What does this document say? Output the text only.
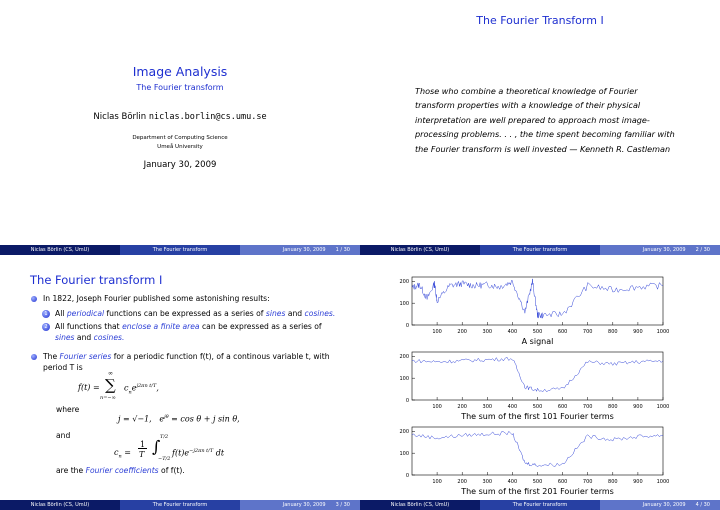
Image Analysis
The Fourier transform
Niclas Börlin niclas.borlin@cs.umu.se
Department of Computing Science
Umeå University
January 30, 2009
Niclas Börlin (CS, UmU)	The Fourier transform	January 30, 2009 1 / 30	Niclas Börlin (CS, UmU)	The Fourier transform	January 30, 2009 2 / 30
The Fourier Transform I
Those who combine a theoretical knowledge of Fourier transform properties with a knowledge of their physical interpretation are well prepared to approach most image-processing problems. . . , the time spent becoming familiar with the Fourier transform is well invested — Kenneth R. Castleman
The Fourier transform I
Niclas Börlin (CS, UmU)	The Fourier transform	January 30, 2009 3 / 30
In 1822, Joseph Fourier published some astonishing results:
1 All periodical functions can be expressed as a series of sines and cosines.
2 All functions that enclose a finite area can be expressed as a series of sines and cosines.
The Fourier series for a periodic function f(t), of a continous variable t, with period T is
f(t) =
∞
∑
n=−∞
$c_ne^{j2\pi n t/T}$,
where
j = √−1,   $e^{j\theta} = \cos \theta + j$ sin θ,
and
$c_n$ =
1
T ∫ T/2
−T/2
$f(t)e^{-j2\pi n t/T}$ dt
are the Fourier coefficients of f(t).
Niclas Börlin (CS, UmU)	The Fourier transform	January 30, 2009 4 / 30
0
100
200
100	200	300	400	500	600	700	800	900	1000
A signal
0
100
200
100	200	300	400	500	600	700	800	900	1000
The sum of the first 101 Fourier terms
0
100
200
100	200	300	400	500	600	700	800	900	1000
The sum of the first 201 Fourier terms
